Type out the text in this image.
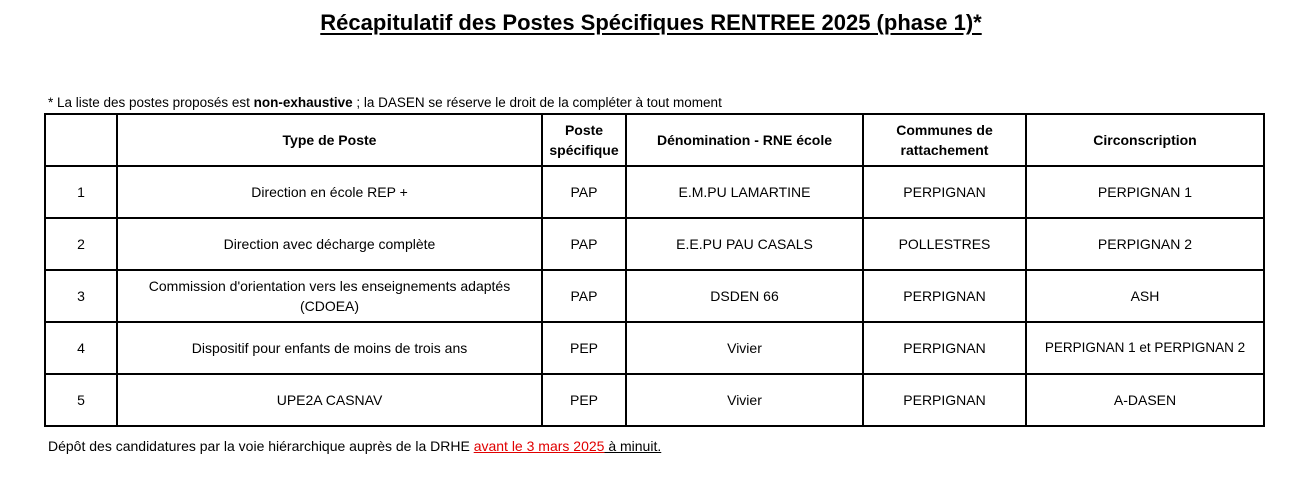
Récapitulatif des Postes Spécifiques RENTREE 2025 (phase 1)*
* La liste des postes proposés est non-exhaustive ; la DASEN se réserve le droit de la compléter à tout moment
	Type de Poste	Poste spécifique	Dénomination - RNE école	Communes de rattachement	Circonscription
1	Direction en école REP +	PAP	E.M.PU LAMARTINE	PERPIGNAN	PERPIGNAN 1
2	Direction avec décharge complète	PAP	E.E.PU PAU CASALS	POLLESTRES	PERPIGNAN 2
3	Commission d'orientation vers les enseignements adaptés (CDOEA)	PAP	DSDEN 66	PERPIGNAN	ASH
4	Dispositif pour enfants de moins de trois ans	PEP	Vivier	PERPIGNAN	PERPIGNAN 1 et PERPIGNAN 2
5	UPE2A CASNAV	PEP	Vivier	PERPIGNAN	A-DASEN
Dépôt des candidatures par la voie hiérarchique auprès de la DRHE avant le 3 mars 2025 à minuit.
